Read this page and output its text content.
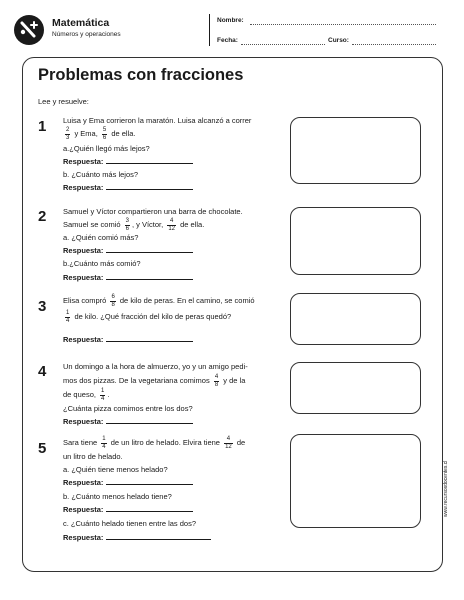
Matemática
Números y operaciones
Nombre:
Fecha:	Curso:
Problemas con fracciones
Lee y resuelve:
1 Luisa y Ema corrieron la maratón. Luisa alcanzó a correr
$\frac{2}{3}$ y Ema, $\frac{5}{6}$ de ella.
a.¿Quién llegó más lejos?
Respuesta:
b. ¿Cuánto más lejos?
Respuesta:
2 Samuel y Víctor compartieron una barra de chocolate.
Samuel se comió $\frac{3}{6}$ , y Víctor, $\frac{4}{12}$ de ella.
a. ¿Quién comió más?
Respuesta:
b.¿Cuánto más comió?
Respuesta:
3 Elisa compró $\frac{6}{8}$ de kilo de peras. En el camino, se comió
$\frac{1}{4}$ de kilo. ¿Qué fracción del kilo de peras quedó?
Respuesta:
4 Un domingo a la hora de almuerzo, yo y un amigo pedi-
mos dos pizzas. De la vegetariana comimos $\frac{4}{8}$ y de la
de queso, $\frac{1}{4}$ .
¿Cuánta pizza comimos entre los dos?
Respuesta:
5 Sara tiene $\frac{1}{4}$ de un litro de helado. Elvira tiene $\frac{4}{12}$ de
un litro de helado.
a. ¿Quién tiene menos helado?
Respuesta:
b. ¿Cuánto menos helado tiene?
Respuesta:
c. ¿Cuánto helado tienen entre las dos?
Respuesta:
www.recursosdocentes.cl
